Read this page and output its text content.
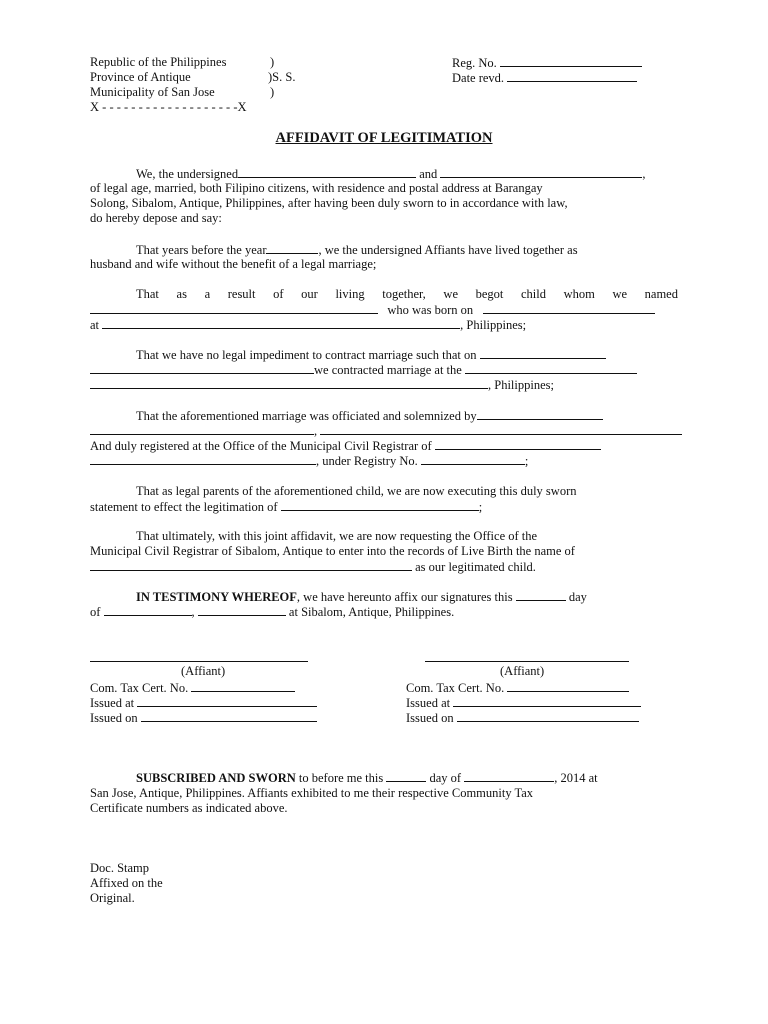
Republic of the Philippines	)
Province of Antique	)S. S.
Municipality of San Jose	)
X - - - - - - - - - - - - - - - - - - -X
Reg. No.
Date revd.
AFFIDAVIT OF LEGITIMATION
We, the undersigned	and	,
of legal age, married, both Filipino citizens, with residence and postal address at Barangay
Solong, Sibalom, Antique, Philippines, after having been duly sworn to in accordance with law,
do hereby depose and say:
That years before the year	, we the undersigned Affiants have lived together as
husband and wife without the benefit of a legal marriage;
That as a result of our living together, we begot child whom we named
who was born on
at	, Philippines;
That we have no legal impediment to contract marriage such that on
we contracted marriage at the
, Philippines;
That the aforementioned marriage was officiated and solemnized by
,
And duly registered at the Office of the Municipal Civil Registrar of
, under Registry No.	;
That as legal parents of the aforementioned child, we are now executing this duly sworn
statement to effect the legitimation of	;
That ultimately, with this joint affidavit, we are now requesting the Office of the
Municipal Civil Registrar of Sibalom, Antique to enter into the records of Live Birth the name of
as our legitimated child.
IN TESTIMONY WHEREOF, we have hereunto affix our signatures this	day
of	,	at Sibalom, Antique, Philippines.
(Affiant)
Com. Tax Cert. No.
Issued at
Issued on
(Affiant)
Com. Tax Cert. No.
Issued at
Issued on
SUBSCRIBED AND SWORN to before me this	day of	, 2014 at
San Jose, Antique, Philippines. Affiants exhibited to me their respective Community Tax
Certificate numbers as indicated above.
Doc. Stamp
Affixed on the
Original.
